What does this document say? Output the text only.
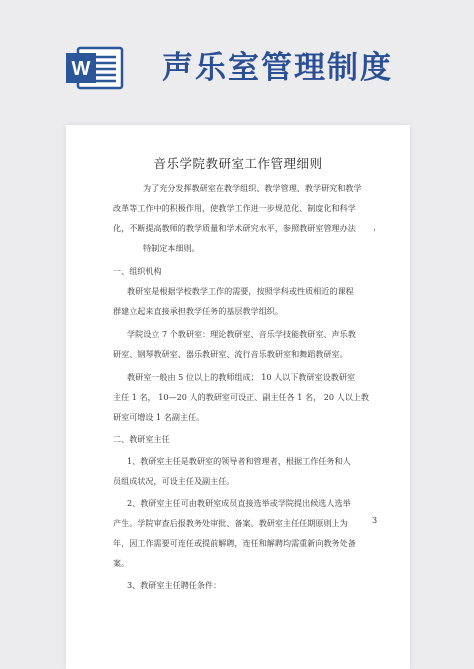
W 声乐室管理制度
音乐学院教研室工作管理细则
为了充分发挥教研室在教学组织、教学管理、教学研究和教学
改革等工作中的积极作用，使教学工作进一步规范化、制度化和科学
化，不断提高教师的教学质量和学术研究水平，参照教研室管理办法 ，
特制定本细则。
一、组织机构
教研室是根据学校教学工作的需要，按照学科或性质相近的课程
群建立起来直接承担教学任务的基层教学组织。
学院设立 7 个教研室：理论教研室、音乐学技能教研室、声乐教
研室、钢琴教研室、器乐教研室、流行音乐教研室和舞蹈教研室。
教研室一般由 5 位以上的教师组成； 10 人以下教研室设教研室
主任 1 名， 10—20 人的教研室可设正、副主任各 1 名， 20 人以上教
研室可增设 1 名副主任。
二、教研室主任
1、教研室主任是教研室的领导者和管理者，根据工作任务和人
员组成状况，可设主任及副主任。
2、教研室主任可由教研室成员直接选举或学院提出候选人选举
产生。学院审查后报教务处审批、备案。教研室主任任期原则上为	3
年，因工作需要可连任或提前解聘，连任和解聘均需重新向教务处备
案。
3、教研室主任聘任条件：
